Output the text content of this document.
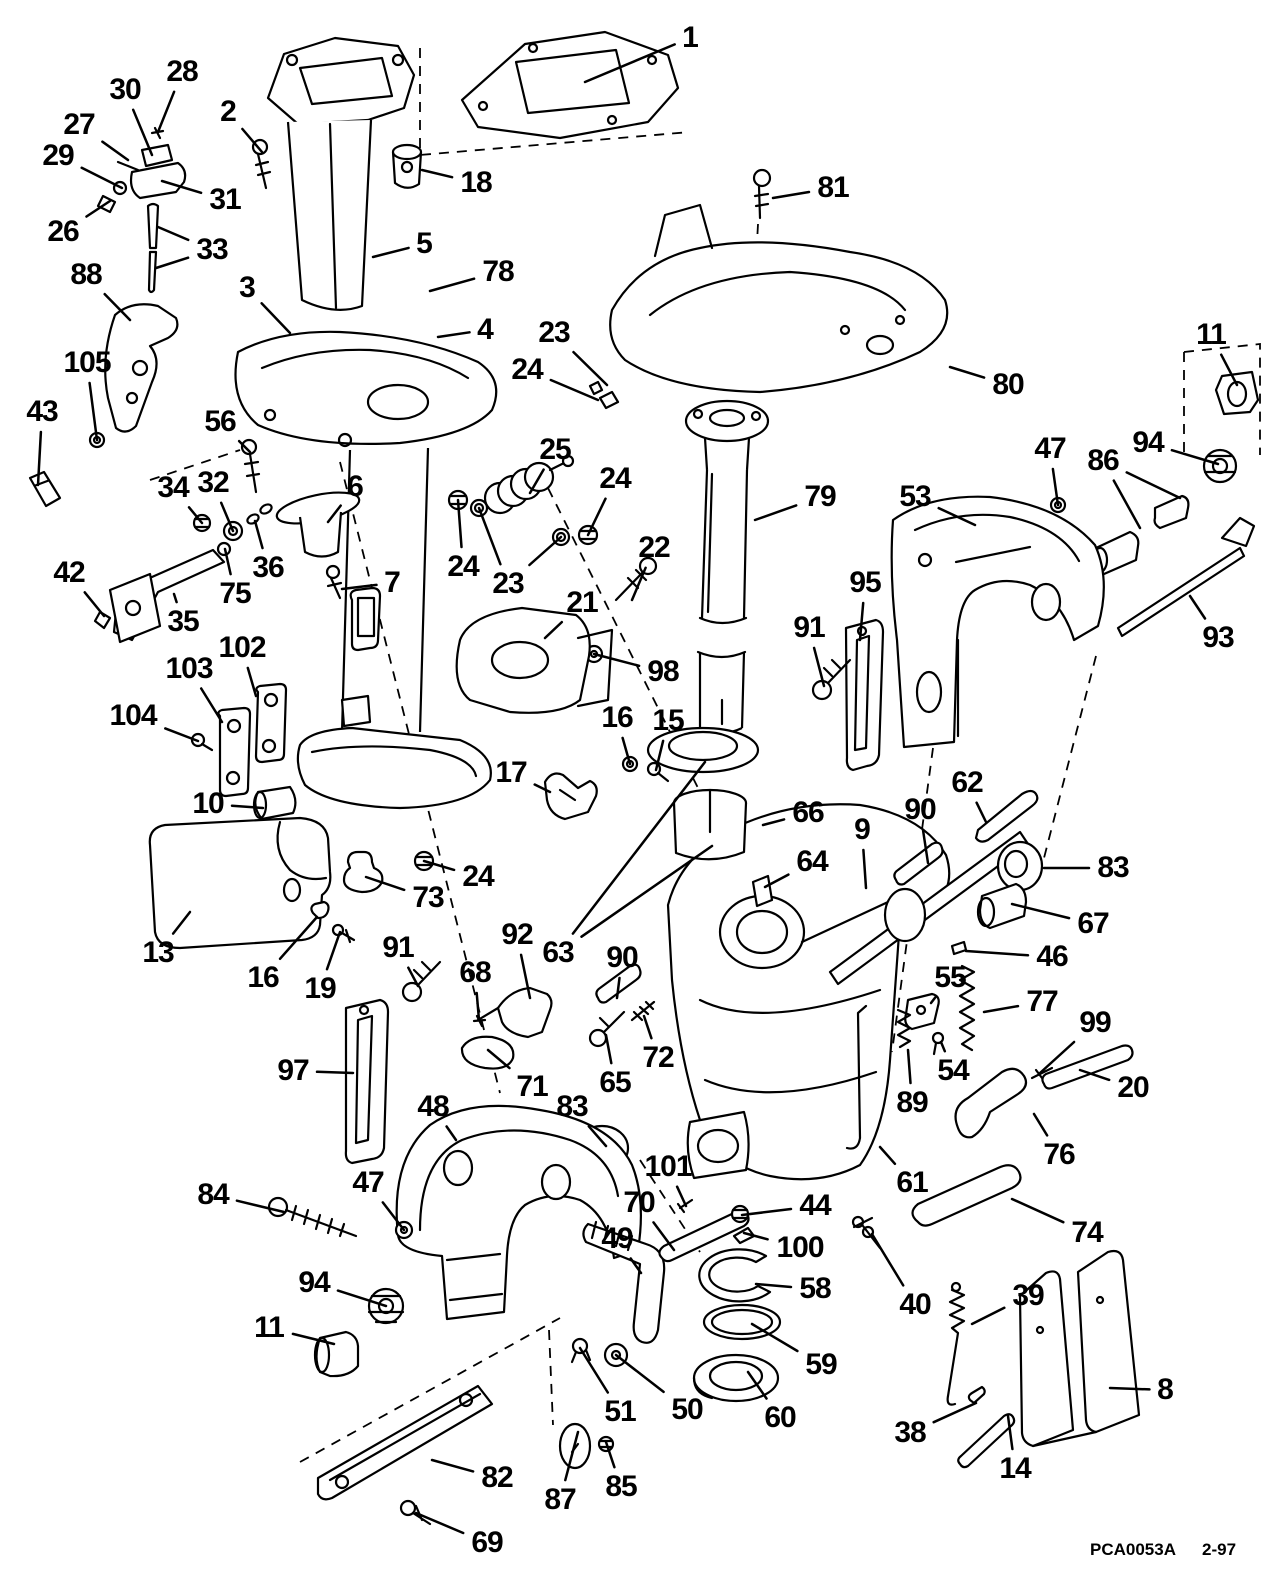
1
28
30
2
27
29
31
26
33
88
18
5
3	78
4
81
23
24	80
11
105
43
47 86
94
56
53
6
34 32	79
25
24
23
24
22
42	36
75
35
95
91
21
98
93
102
103
104	16 15
17	62
66
9
90
64	83
10
24
73
67
46
13
16 19
91
68
92
63 90
55
77
99
54
20
89
97	71
48	83
65
72
76
61
101
70	44
100	74
47
84
40
58	39
49
94
11
59
8
60
51 50
38
14
87 85
82
69
7
PCA0053A 2-97
